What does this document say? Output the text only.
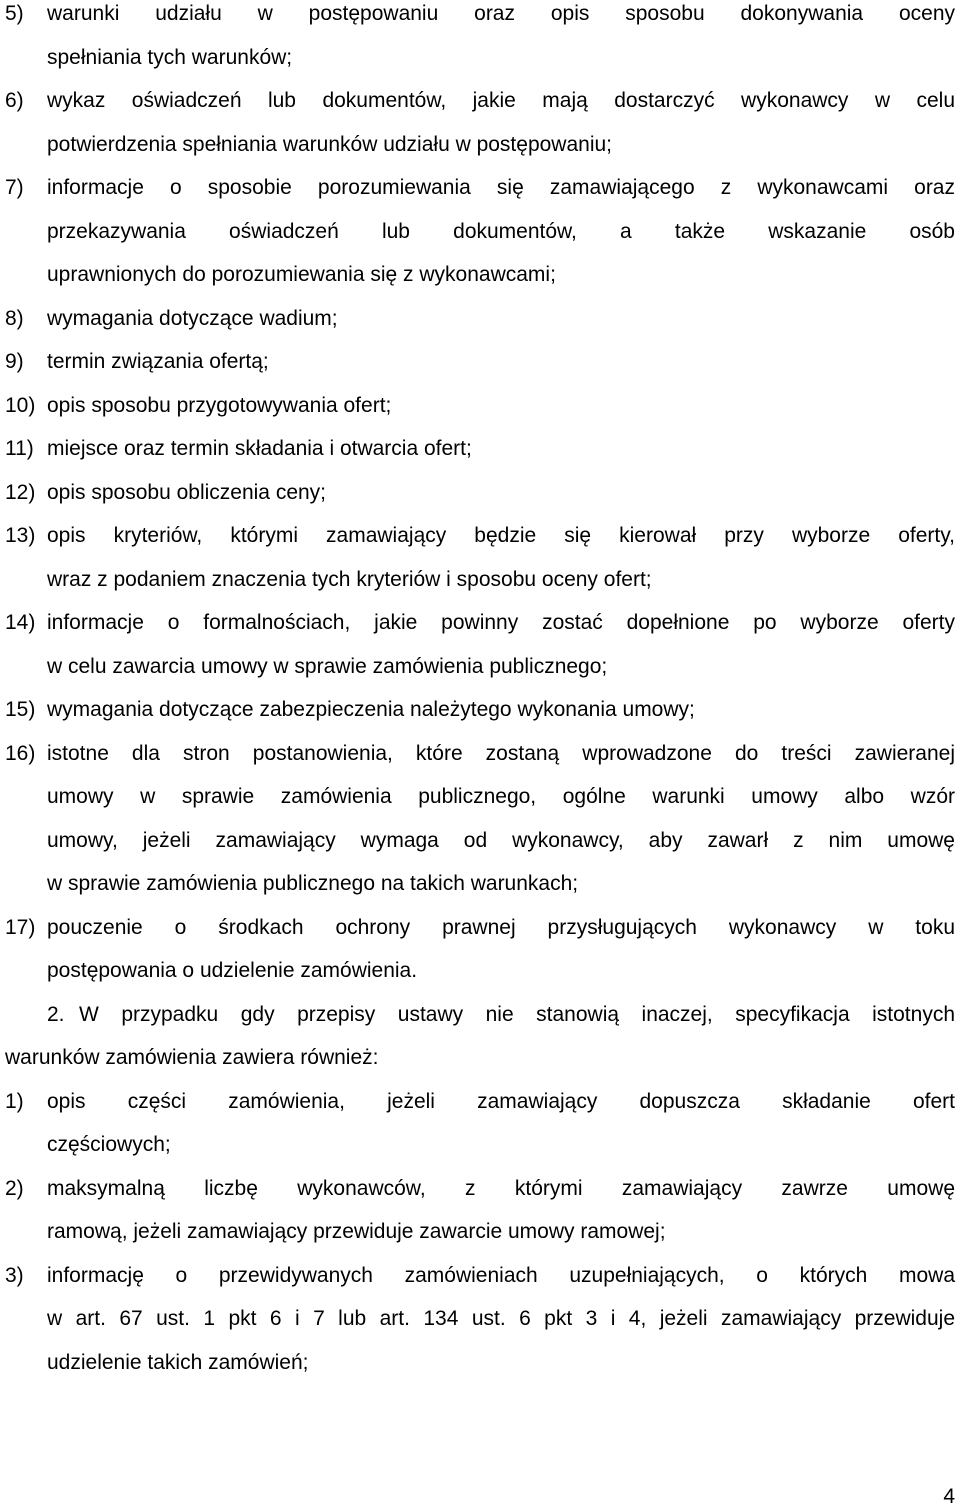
5) warunki udziału w postępowaniu oraz opis sposobu dokonywania oceny
spełniania tych warunków;
6) wykaz oświadczeń lub dokumentów, jakie mają dostarczyć wykonawcy w celu
potwierdzenia spełniania warunków udziału w postępowaniu;
7) informacje o sposobie porozumiewania się zamawiającego z wykonawcami oraz
przekazywania oświadczeń lub dokumentów, a także wskazanie osób
uprawnionych do porozumiewania się z wykonawcami;
8) wymagania dotyczące wadium;
9) termin związania ofertą;
10) opis sposobu przygotowywania ofert;
11) miejsce oraz termin składania i otwarcia ofert;
12) opis sposobu obliczenia ceny;
13) opis kryteriów, którymi zamawiający będzie się kierował przy wyborze oferty,
wraz z podaniem znaczenia tych kryteriów i sposobu oceny ofert;
14) informacje o formalnościach, jakie powinny zostać dopełnione po wyborze oferty
w celu zawarcia umowy w sprawie zamówienia publicznego;
15) wymagania dotyczące zabezpieczenia należytego wykonania umowy;
16) istotne dla stron postanowienia, które zostaną wprowadzone do treści zawieranej
umowy w sprawie zamówienia publicznego, ogólne warunki umowy albo wzór
umowy, jeżeli zamawiający wymaga od wykonawcy, aby zawarł z nim umowę
w sprawie zamówienia publicznego na takich warunkach;
17) pouczenie o środkach ochrony prawnej przysługujących wykonawcy w toku
postępowania o udzielenie zamówienia.
2. W przypadku gdy przepisy ustawy nie stanowią inaczej, specyfikacja istotnych
warunków zamówienia zawiera również:
1) opis części zamówienia, jeżeli zamawiający dopuszcza składanie ofert
częściowych;
2) maksymalną liczbę wykonawców, z którymi zamawiający zawrze umowę
ramową, jeżeli zamawiający przewiduje zawarcie umowy ramowej;
3) informację o przewidywanych zamówieniach uzupełniających, o których mowa
w art. 67 ust. 1 pkt 6 i 7 lub art. 134 ust. 6 pkt 3 i 4, jeżeli zamawiający przewiduje
udzielenie takich zamówień;
4
